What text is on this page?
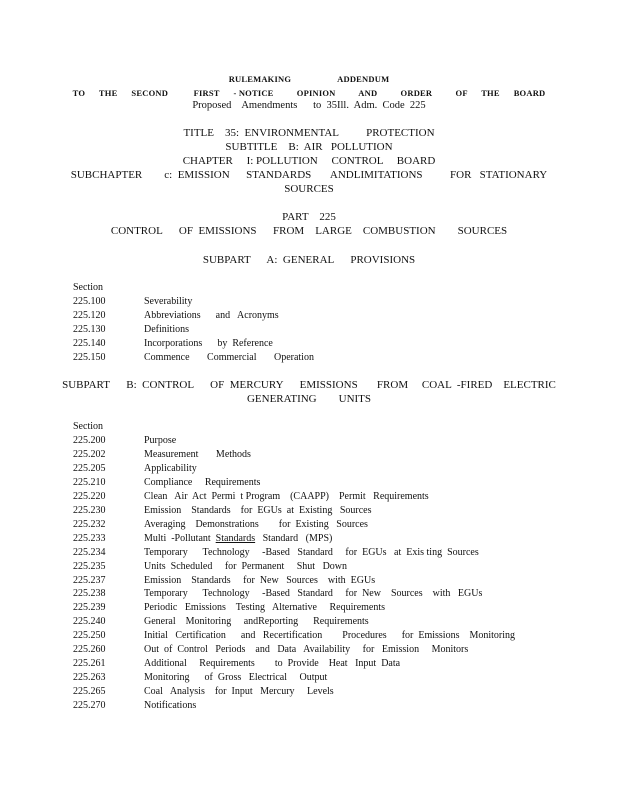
RULEMAKING                    ADDENDUM
TO      THE      SECOND           FIRST      - NOTICE          OPINION          AND          ORDER          OF      THE      BOARD
Proposed    Amendments      to  35Ill.  Adm.  Code  225
TITLE    35:  ENVIRONMENTAL          PROTECTION
SUBTITLE    B:  AIR   POLLUTION
CHAPTER     I: POLLUTION     CONTROL     BOARD
SUBCHAPTER        c:  EMISSION      STANDARDS       ANDLIMITATIONS          FOR   STATIONARY
SOURCES
PART    225
CONTROL      OF  EMISSIONS      FROM    LARGE    COMBUSTION        SOURCES
SUBPART      A:  GENERAL      PROVISIONS
Section
225.100	Severability
225.120	Abbreviations      and   Acronyms
225.130	Definitions
225.140	Incorporations      by  Reference
225.150	Commence       Commercial       Operation
SUBPART      B:  CONTROL      OF  MERCURY      EMISSIONS       FROM     COAL  -FIRED    ELECTRIC
GENERATING        UNITS
Section
225.200	Purpose
225.202	Measurement       Methods
225.205	Applicability
225.210	Compliance     Requirements
225.220	Clean   Air  Act  Permi  t Program    (CAAPP)    Permit   Requirements
225.230	Emission    Standards    for  EGUs  at  Existing   Sources
225.232	Averaging    Demonstrations        for  Existing   Sources
225.233	Multi  -Pollutant  Standards   Standard   (MPS)
225.234	Temporary      Technology     -Based   Standard     for  EGUs   at  Exis ting  Sources
225.235	Units  Scheduled     for  Permanent     Shut   Down
225.237	Emission    Standards     for  New   Sources    with  EGUs
225.238	Temporary      Technology     -Based   Standard     for  New    Sources    with   EGUs
225.239	Periodic   Emissions    Testing   Alternative     Requirements
225.240	General    Monitoring     andReporting      Requirements
225.250	Initial   Certification      and   Recertification        Procedures      for  Emissions    Monitoring
225.260	Out  of  Control   Periods    and   Data   Availability     for   Emission     Monitors
225.261	Additional     Requirements        to  Provide    Heat   Input  Data
225.263	Monitoring      of  Gross   Electrical     Output
225.265	Coal   Analysis    for  Input   Mercury     Levels
225.270	Notifications
